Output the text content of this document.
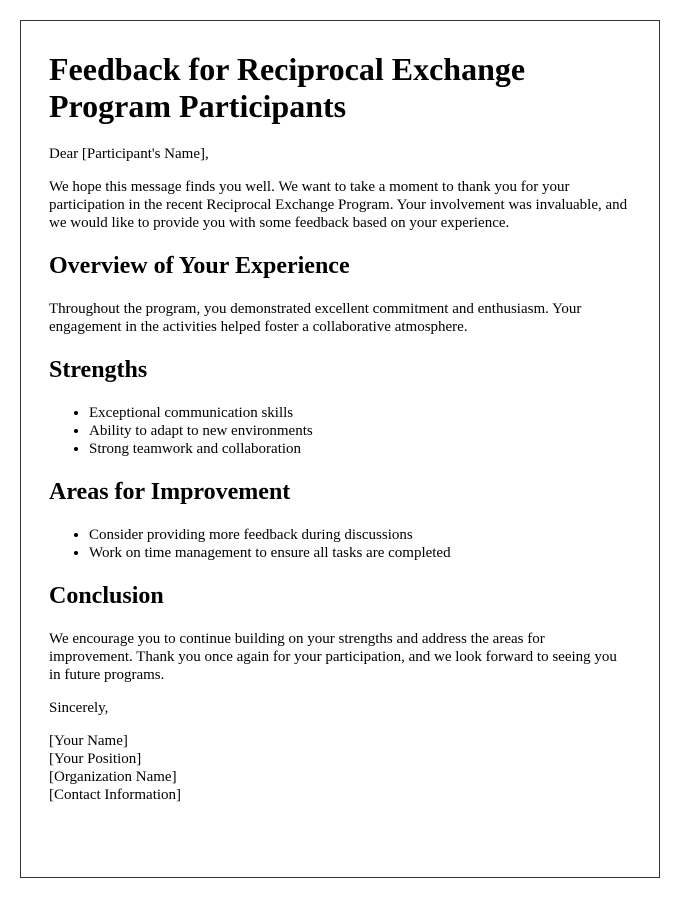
Feedback for Reciprocal Exchange Program Participants

Dear [Participant's Name],

We hope this message finds you well. We want to take a moment to thank you for your participation in the recent Reciprocal Exchange Program. Your involvement was invaluable, and we would like to provide you with some feedback based on your experience.

Overview of Your Experience

Throughout the program, you demonstrated excellent commitment and enthusiasm. Your engagement in the activities helped foster a collaborative atmosphere.

Strengths
• Exceptional communication skills
• Ability to adapt to new environments
• Strong teamwork and collaboration
Areas for Improvement
• Consider providing more feedback during discussions
• Work on time management to ensure all tasks are completed
Conclusion

We encourage you to continue building on your strengths and address the areas for improvement. Thank you once again for your participation, and we look forward to seeing you in future programs.

Sincerely,

[Your Name]
[Your Position]
[Organization Name]
[Contact Information]
